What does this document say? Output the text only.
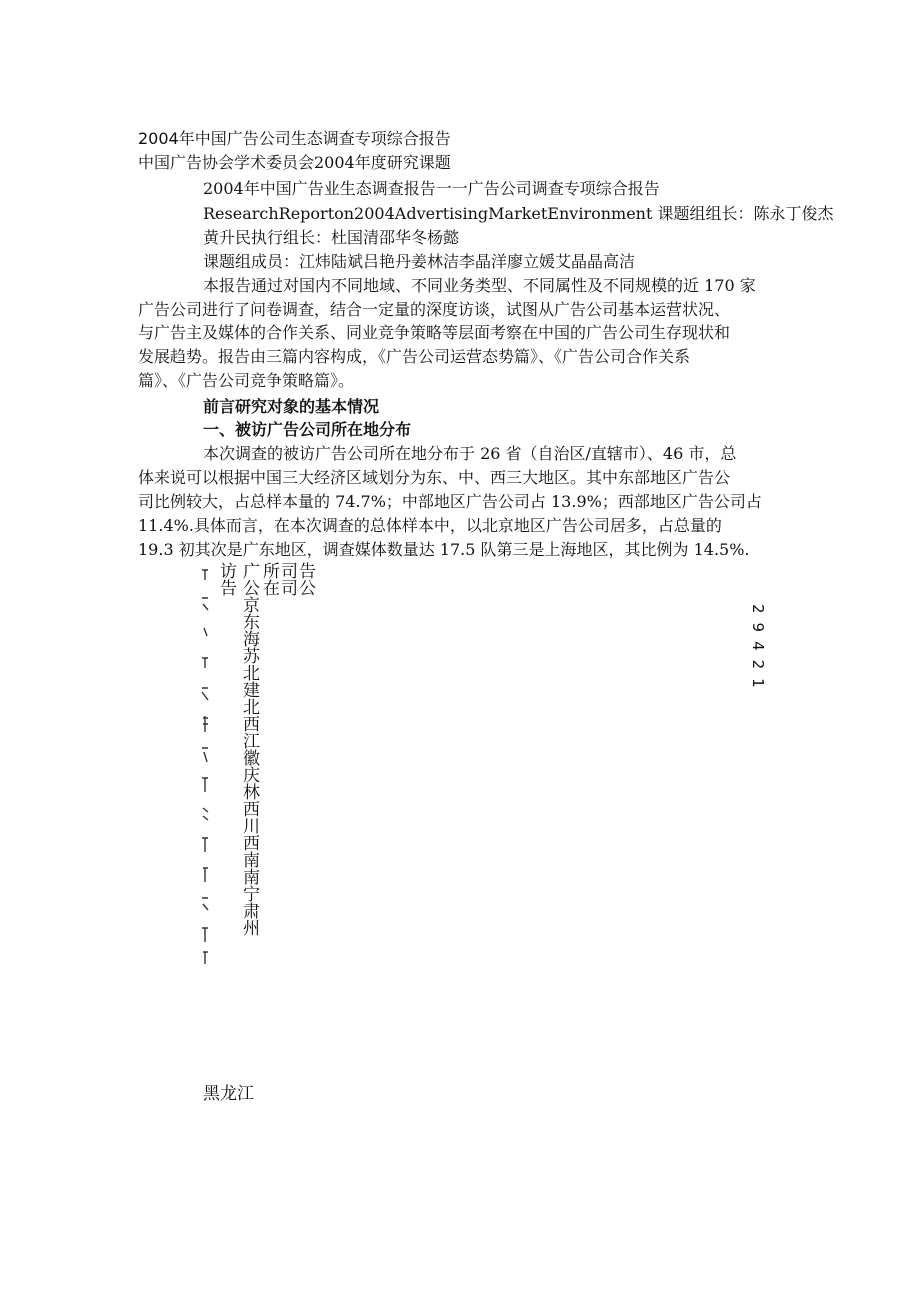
2004年中国广告公司生态调查专项综合报告
中国广告协会学术委员会2004年度研究课题
2004年中国广告业生态调查报告一一广告公司调查专项综合报告
ResearchReporton2004AdvertisingMarketEnvironment 课题组组长：陈永丁俊杰
黄升民执行组长：杜国清邵华冬杨懿
课题组成员：江炜陆斌吕艳丹姜林洁李晶洋廖立媛艾晶晶高洁
本报告通过对国内不同地域、不同业务类型、不同属性及不同规模的近 170 家
广告公司进行了问卷调查，结合一定量的深度访谈，试图从广告公司基本运营状况、
与广告主及媒体的合作关系、同业竞争策略等层面考察在中国的广告公司生存现状和
发展趋势。报告由三篇内容构成，《广告公司运营态势篇》、《广告公司合作关系
篇》、《广告公司竞争策略篇》。
前言研究对象的基本情况
一、被访广告公司所在地分布
本次调查的被访广告公司所在地分布于 26 省（自治区/直辖市）、46 市，总
体来说可以根据中国三大经济区域划分为东、中、西三大地区。其中东部地区广告公
司比例较大，占总样本量的 74.7%；中部地区广告公司占 13.9%；西部地区广告公司占
11.4%.具体而言，在本次调查的总体样本中，以北京地区广告公司居多，占总量的
19.3 初其次是广东地区，调查媒体数量达 17.5 队第三是上海地区，其比例为 14.5%.
访告 广公京东海苏北建北西江徽庆林西川西南南宁肃州	告公司司所在
29421
黑龙江
